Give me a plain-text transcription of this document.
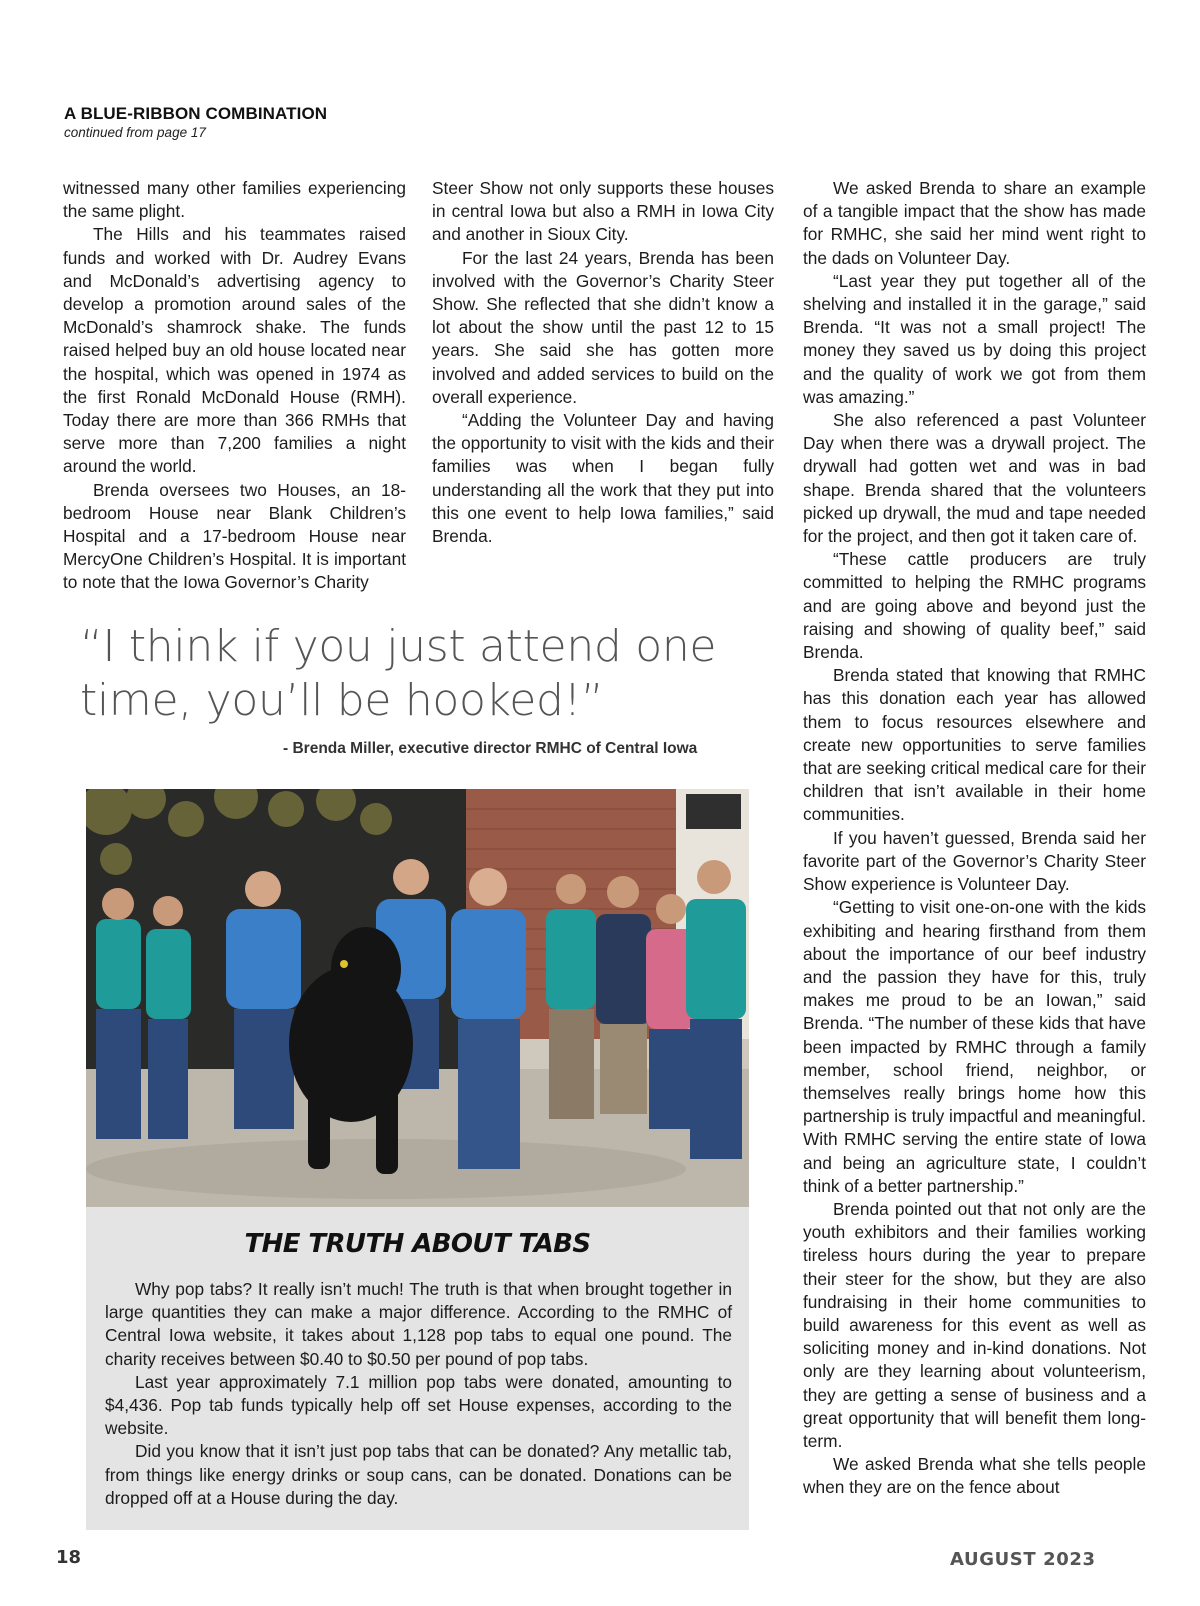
A BLUE-RIBBON COMBINATION
continued from page 17

witnessed many other families experiencing the same plight.

The Hills and his teammates raised funds and worked with Dr. Audrey Evans and McDonald’s advertising agency to develop a promotion around sales of the McDonald’s shamrock shake. The funds raised helped buy an old house located near the hospital, which was opened in 1974 as the first Ronald McDonald House (RMH). Today there are more than 366 RMHs that serve more than 7,200 families a night around the world.

Brenda oversees two Houses, an 18-bedroom House near Blank Children’s Hospital and a 17-bedroom House near MercyOne Children’s Hospital. It is important to note that the Iowa Governor’s Charity

Steer Show not only supports these houses in central Iowa but also a RMH in Iowa City and another in Sioux City.

For the last 24 years, Brenda has been involved with the Governor’s Charity Steer Show. She reflected that she didn’t know a lot about the show until the past 12 to 15 years. She said she has gotten more involved and added services to build on the overall experience.

“Adding the Volunteer Day and having the opportunity to visit with the kids and their families was when I began fully understanding all the work that they put into this one event to help Iowa families,” said Brenda.

We asked Brenda to share an example of a tangible impact that the show has made for RMHC, she said her mind went right to the dads on Volunteer Day.

“Last year they put together all of the shelving and installed it in the garage,” said Brenda. “It was not a small project! The money they saved us by doing this project and the quality of work we got from them was amazing.”

She also referenced a past Volunteer Day when there was a drywall project. The drywall had gotten wet and was in bad shape. Brenda shared that the volunteers picked up drywall, the mud and tape needed for the project, and then got it taken care of.

“These cattle producers are truly committed to helping the RMHC programs and are going above and beyond just the raising and showing of quality beef,” said Brenda.

Brenda stated that knowing that RMHC has this donation each year has allowed them to focus resources elsewhere and create new opportunities to serve families that are seeking critical medical care for their children that isn’t available in their home communities.

If you haven’t guessed, Brenda said her favorite part of the Governor’s Charity Steer Show experience is Volunteer Day.

“Getting to visit one-on-one with the kids exhibiting and hearing firsthand from them about the importance of our beef industry and the passion they have for this, truly makes me proud to be an Iowan,” said Brenda. “The number of these kids that have been impacted by RMHC through a family member, school friend, neighbor, or themselves really brings home how this partnership is truly impactful and meaningful. With RMHC serving the entire state of Iowa and being an agriculture state, I couldn’t think of a better partnership.”

Brenda pointed out that not only are the youth exhibitors and their families working tireless hours during the year to prepare their steer for the show, but they are also fundraising in their home communities to build awareness for this event as well as soliciting money and in-kind donations. Not only are they learning about volunteerism, they are getting a sense of business and a great opportunity that will benefit them long-term.

We asked Brenda what she tells people when they are on the fence about

“I think if you just attend one time, you’ll be hooked!”
- Brenda Miller, executive director RMHC of Central Iowa
THE TRUTH ABOUT TABS

Why pop tabs? It really isn’t much! The truth is that when brought together in large quantities they can make a major difference. According to the RMHC of Central Iowa website, it takes about 1,128 pop tabs to equal one pound. The charity receives between $0.40 to $0.50 per pound of pop tabs.

Last year approximately 7.1 million pop tabs were donated, amounting to $4,436. Pop tab funds typically help off set House expenses, according to the website.

Did you know that it isn’t just pop tabs that can be donated? Any metallic tab, from things like energy drinks or soup cans, can be donated. Donations can be dropped off at a House during the day.

18	AUGUST 2023
